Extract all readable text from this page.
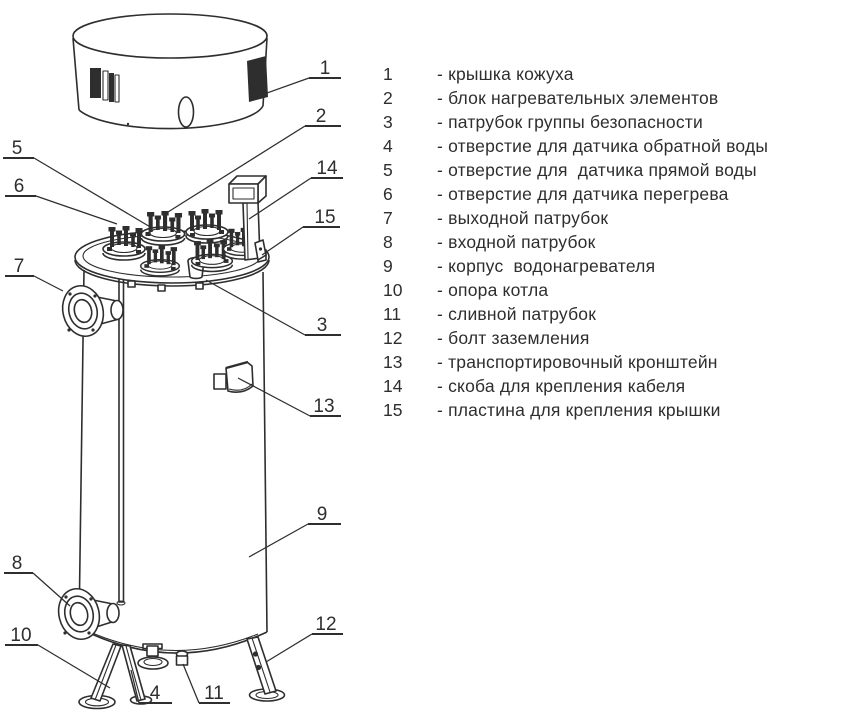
1
2
3
4
5
6
7
8
9
10
11
12
13
14
15
1	- крышка кожуха
2	- блок нагревательных элементов
3	- патрубок группы безопасности
4	- отверстие для датчика обратной воды
5	- отверстие для  датчика прямой воды
6	- отверстие для датчика перегрева
7	- выходной патрубок
8	- входной патрубок
9	- корпус  водонагревателя
10	- опора котла
11	- сливной патрубок
12	- болт заземления
13	- транспортировочный кронштейн
14	- скоба для крепления кабеля
15	- пластина для крепления крышки
